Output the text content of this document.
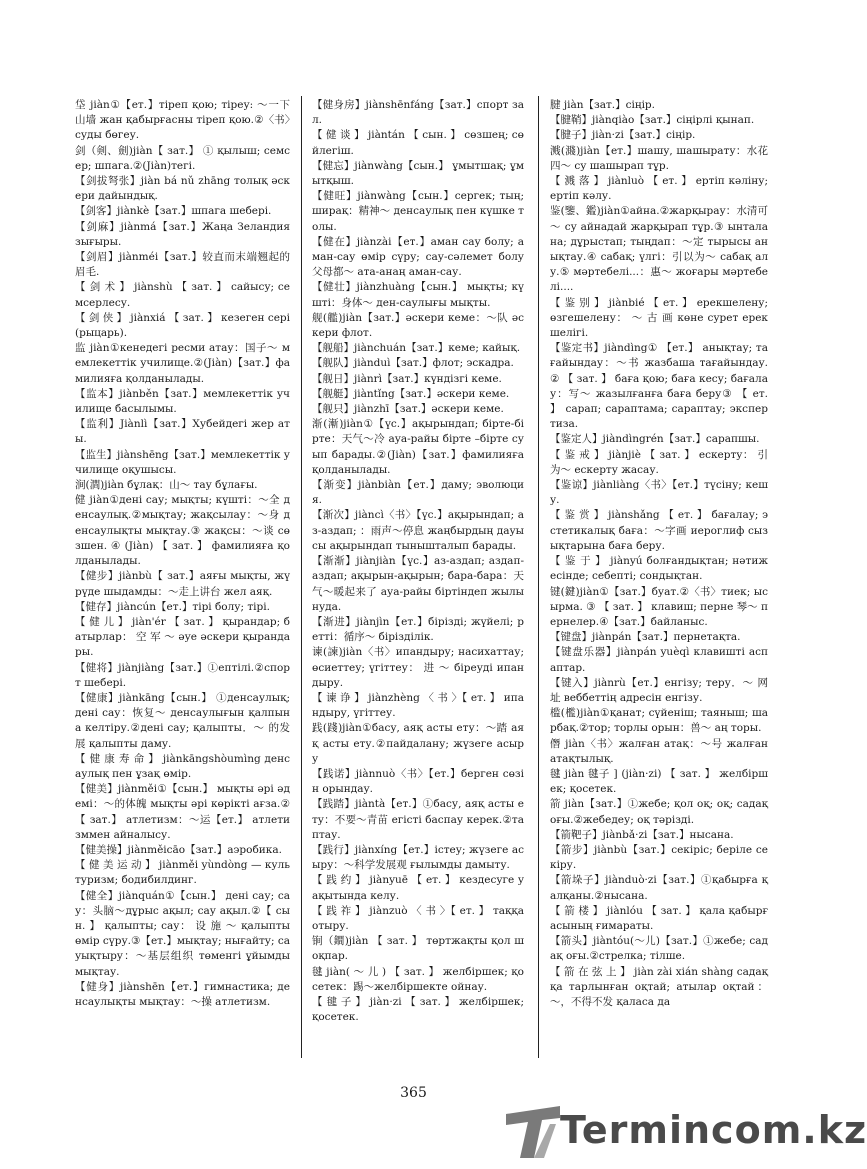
垈 jiàn①【ет.】тіреп қою; тірeу: ～一下山墙 жан қабырғасны тіреп қою.②〈书〉суды бөгеу.

剑（剣、劍)jiàn【 зат.】 ① қылыш; семсер; шпага.②(Jiàn)тeгі.

【剑拔弩张】jiàn bá nǔ zhāng толық әскери дайындық.

【剑客】jiànkè【зат.】шпага шебері.

【剑麻】jiànmá【зат.】Жаңа Зеландия зығыры.

【剑眉】jiànméi【зат.】较直而末端翘起的眉毛.

【 剑 术 】 jiànshù 【 зат. 】 сайысу; семсерлесу.

【 剑 侠 】 jiànxiá 【 зат. 】 кезеген сері(рыцарь).

监 jiàn①кенедегі ресми атау：国子～ мемлекеттік училище.②(Jiàn)【зат.】фамилияға қолданылады.

【监本】jiànběn【зат.】мемлекеттік училище басылымы.

【监利】Jiànlì【зат.】Хубейдегі жер аты.

【监生】jiànshēng【зат.】мемлекеттік училище оқушысы.

涧(澗)jiàn бұлақ：山～ тау бұлағы.

健 jiàn①дeні сау; мықты; күшті：～全 денсаулық.②мықтау; жақсылау：～身 денсаулықты мықтау.③ жақсы：～谈 сөзшен. ④ (Jiàn) 【 зат. 】 фамилияға қолданылады.

【健步】jiànbù【 зат.】аяғы мықты, жүрүде шыдамды：～走上讲台 жел аяқ.

【健存】jiàncún【ет.】тірі болу; тірі.

【 健 儿 】 jiàn'ér 【 зат. 】 қырандар; батырлар： 空 军 ～ әуе әскери қырандары.

【健将】jiànjiàng【зат.】①ептілі.②спорт шебері.

【健康】jiànkāng【сын.】 ①денсаулық; дені сау：恢复～ денсаулығын қалпына келтіру.②дені сау; қалыпты．～ 的发展 қалыпты даму.

【 健 康 寿 命 】 jiànkāngshòumìng денсаулық пен ұзақ өмір.

【健美】jiànměi①【сын.】 мықты әрі әдемі：～的体魄 мықты әрі көрікті ағза.②【 зат.】 атлетизм：～运【ет.】 атлетизммен айналысу.

【健美操】jiànměicāo【зат.】аэробика.

【 健 美 运 动 】 jiànměi yùndòng — культуризм; бодибилдинг.

【健全】jiànquán①【сын.】 дені сау; сау：头脑～дұрыс ақыл; сау ақыл.②【 сын. 】 қалыпты; сау： 设 施 ～ қалыпты өмір сүру.③【ет.】мықтау; нығайту; сауықтыру：～基层组织 төменгі ұйымды мықтау.

【健身】jiànshēn【ет.】гимнастика; денсаулықты мықтау：～操 атлетизм.

【健身房】jiànshēnfáng【зат.】спорт зал.

【 健 谈 】 jiàntán 【 сын. 】 сөзшең; сөйлегіш.

【健忘】jiànwàng【сын.】 ұмытшақ; ұмытқыш.

【健旺】jiànwàng【сын.】сергек; тың; шиpақ：精神～ денсаулық пен күшке толы.

【健在】jiànzài【ет.】аман сау болу; аман-сау өмір сүру; сау-сәлемет болу 父母都～ ата-анаң аман-сау.

【健壮】jiànzhuàng【сын.】 мықты; күшті：身体～ ден-саулығы мықты.

舰(艦)jiàn【зат.】әскери кеме：～队 әскери флот.

【舰船】jiànchuán【зат.】кеме; кайық.

【舰队】jiànduì【зат.】флот; эскадра.

【舰日】jiànrì【зат.】күндізгі кеме.

【舰艇】jiàntǐng【зат.】әскери кеме.

【舰只】jiànzhī【зат.】әскери кеме.

渐(漸)jiàn①【үс.】ақырындап; бірте-бірте：天气～冷 ауа-райы бірте –бірте суып барады.②(Jiàn)【зат.】фамилияға қолданылады.

【渐变】jiànbiàn【ет.】даму; эволюция.

【渐次】jiàncì〈书〉【үс.】ақырындап; аз-аздап; ：雨声～停息 жаңбырдың дауысы ақырындап тынышталып барады.

【渐渐】jiànjiàn【үс.】аз-аздап; аздап-аздап; ақырын-ақырын; бара-бара：天气～暖起来了 ауа-райы біртіндеп жылынуда.

【渐进】jiànjìn【ет.】бірізді; жүйелі; ретті：循序～ бірізділік.

谏(諫)jiàn〈书〉ипандыру; насихаттау; өсиеттеу; үгіттеу： 进 ～ біреуді ипандыру.

【 谏 诤 】 jiànzhèng 〈 书 〉【 ет. 】 ипандыру, үгіттеу.

践(踐)jiàn①басу, аяқ асты ету：～踏 аяқ асты ету.②пайдалану; жүзеге асыру

【践诺】jiànnuò〈书〉【ет.】берген сөзін орындау.

【践踏】jiàntà【ет.】①басу, аяқ асты ету：不要～青苗 егісті баспау керек.②таптау.

【践行】jiànxíng【ет.】істеу; жүзеге асыру：～科学发展观 ғылымды дамыту.

【 践 约 】 jiànyuē 【 ет. 】 кездесуге уақытында келу.

【 践 祚 】 jiànzuò 〈 书 〉【 ет. 】 таққа отыру.

锏（鐧)jiàn 【 зат. 】 төртжақты қол шоқпар.

毽 jiàn( ～ 儿 ) 【 зат. 】 желбіршек; қосетек：踢～желбіршекте ойнау.

【 毽 子 】 jiàn·zi 【 зат. 】 желбіршек; қосетек.

腱 jiàn【зат.】сіңір.

【腱鞘】jiànqiào【зат.】сіңірлі қынап.

【腱子】jiàn·zi【зат.】сіңір.

溅(濺)jiàn【ет.】шашу, шашырату：水花四～ су шашырап тұр.

【 溅 落 】 jiànluò 【 ет. 】 ертіп кәліну; ертіп кәлу.

鉴(鑒、鑑)jiàn①айна.②жарқырау：水清可～ су айнадай жарқырап тұр.③ ынталана; дұрыстап; тыңдап：～定 тырысы анықтау.④ сабақ; үлгі：引以为～ сабақ алу.⑤ мәртебелі...：惠～ жоғары мәртебелі....

【 鉴 别 】 jiànbié 【 ет. 】 ерекшелену; өзгешелену： ～ 古 画 көне сурет ерекшелігі.

【鉴定书】jiàndìng① 【ет.】 анықтау; тағайындау：～书 жазбаша тағайындау.② 【 зат. 】 баға қою; баға кесу; бағалау：写～ жазылғанға баға беру③ 【 ет. 】 сарап; сараптама; сараптау; экспертиза.

【鉴定人】jiàndìngrén【зат.】сарапшы.

【 鉴 戒 】 jiànjiè 【 зат. 】 ескерту： 引 为～ ескерту жасау.

【鉴谅】jiànliàng〈书〉【ет.】түсіну; кешу.

【 鉴 赏 】 jiànshǎng 【 ет. 】 бағалау; эстетикалық баға：～字画 иероглиф сызықтарына баға беру.

【 鉴 于 】 jiànyú болғандықтан; нәтижесінде; себепті; сондықтан.

键(鍵)jiàn①【зат.】буат.②〈书〉тиек; ысырма. ③ 【 зат. 】 клавиш; перне 琴～ пернелер.④【зат.】байланыс.

【键盘】jiànpán【зат.】пернетақта.

【键盘乐器】jiànpán yuèqì клавишті аспаптар.

【键入】jiànrù【ет.】енгізу; теру．～ 网址 веббеттің адресін енгізу.

槛(檻)jiàn①қанат; сүйеніш; таяныш; шарбақ.②тор; торлы орын：兽～ аң торы.

僭 jiàn〈书〉жалған атақ：～号 жалған атақтылық.

毽 jiàn 毽子 ] (jiàn·zi) 【 зат. 】 желбіршек; қосетек.

箭 jiàn【зат.】①жебе; қол оқ; оқ; садақ оғы.②жебедеу; оқ тәрізді.

【箭靶子】jiànbǎ·zi【зат.】нысана.

【箭步】jiànbù【зат.】секіріс; беріле секіру.

【箭垛子】jiànduò·zi【зат.】①қабырға қалқаны.②нысана.

【 箭 楼 】 jiànlóu 【 зат. 】 қала қабырғасының ғимараты.

【箭头】jiàntóu(～儿)【зат.】①жебе; садақ оғы.②стрелка; тілше.

【 箭 在 弦 上 】 jiàn zài xián shàng садаққа тарлынған оқтай; атылар оқтай：～，不得不发 қаласа да

365
Termincom.kz
